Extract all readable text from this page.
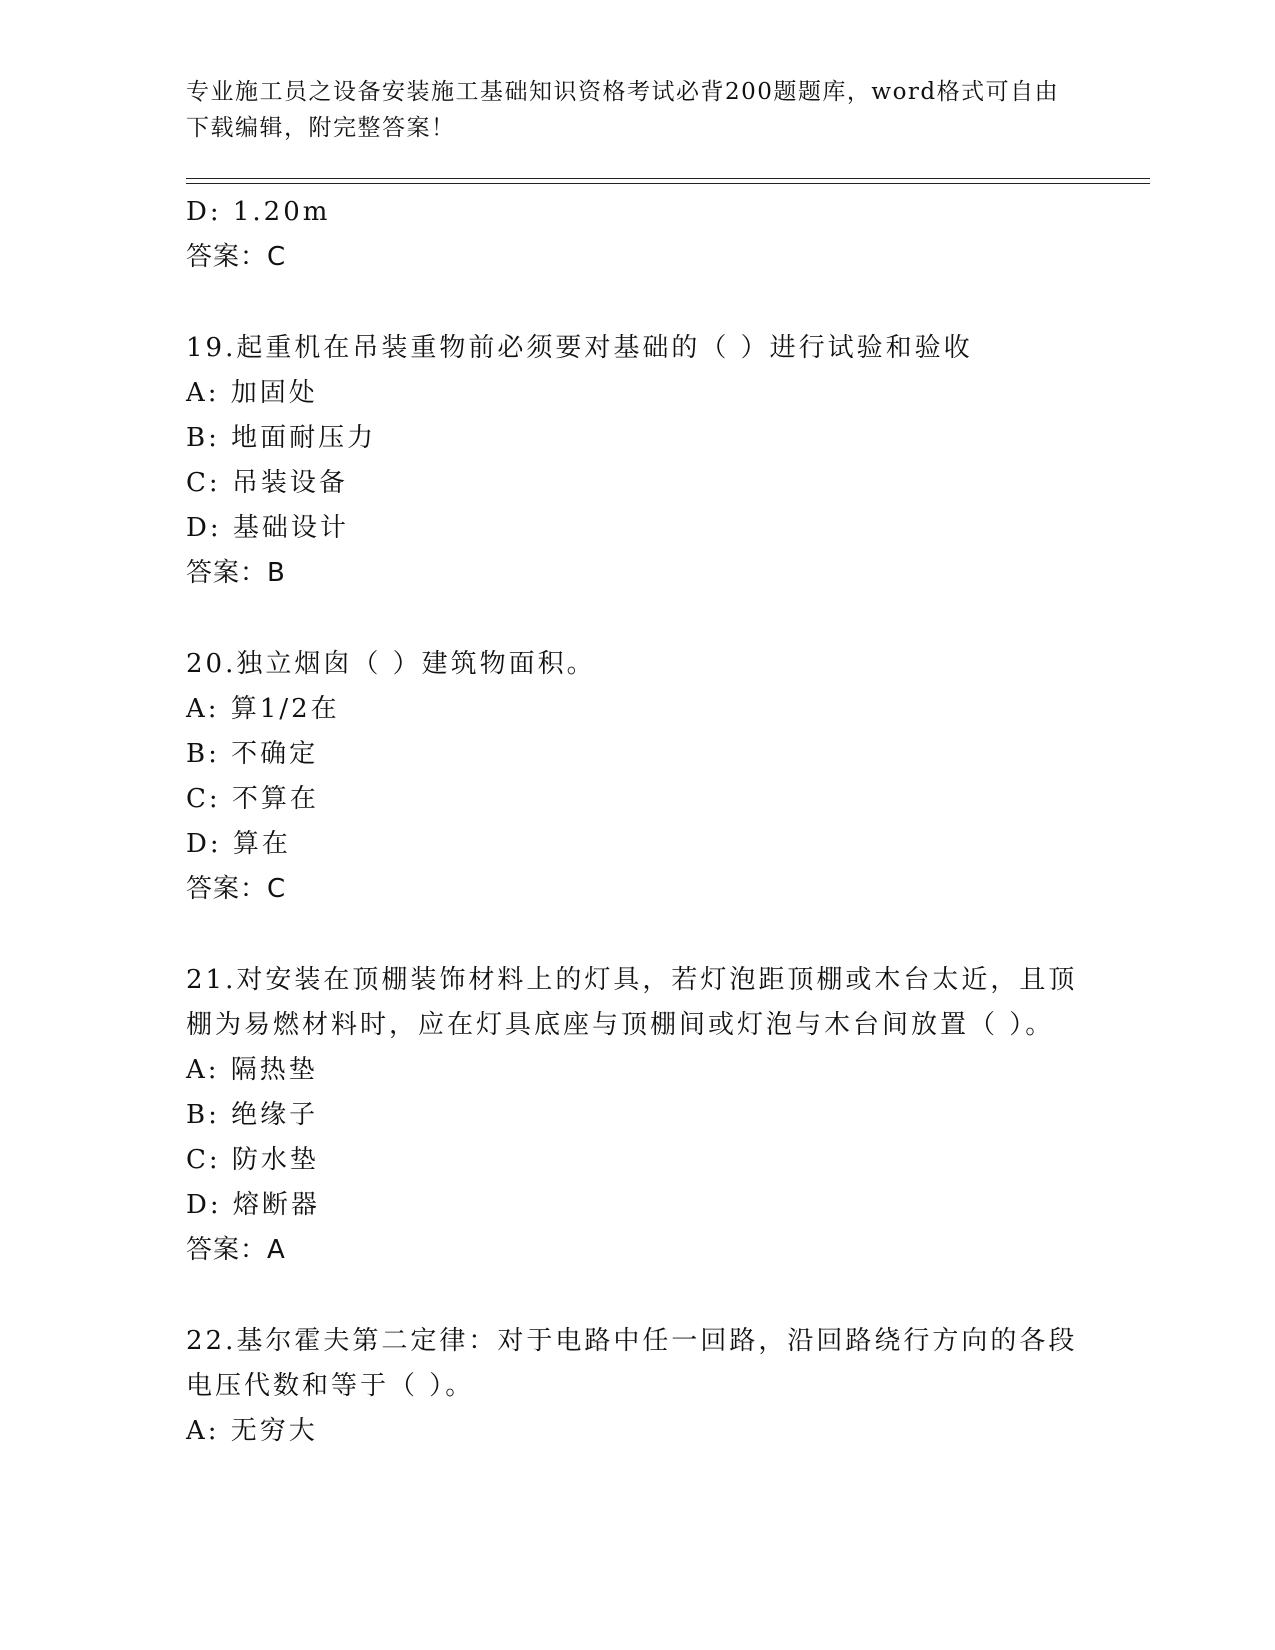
专业施工员之设备安装施工基础知识资格考试必背200题题库，word格式可自由
下载编辑，附完整答案！
D: 1.20m
答案：C
19.起重机在吊装重物前必须要对基础的（ ）进行试验和验收
A: 加固处
B: 地面耐压力
C: 吊装设备
D: 基础设计
答案：B
20.独立烟囱（ ）建筑物面积。
A: 算1/2在
B: 不确定
C: 不算在
D: 算在
答案：C
21.对安装在顶棚装饰材料上的灯具，若灯泡距顶棚或木台太近，且顶
棚为易燃材料时，应在灯具底座与顶棚间或灯泡与木台间放置（ ）。
A: 隔热垫
B: 绝缘子
C: 防水垫
D: 熔断器
答案：A
22.基尔霍夫第二定律：对于电路中任一回路，沿回路绕行方向的各段
电压代数和等于（ ）。
A: 无穷大
